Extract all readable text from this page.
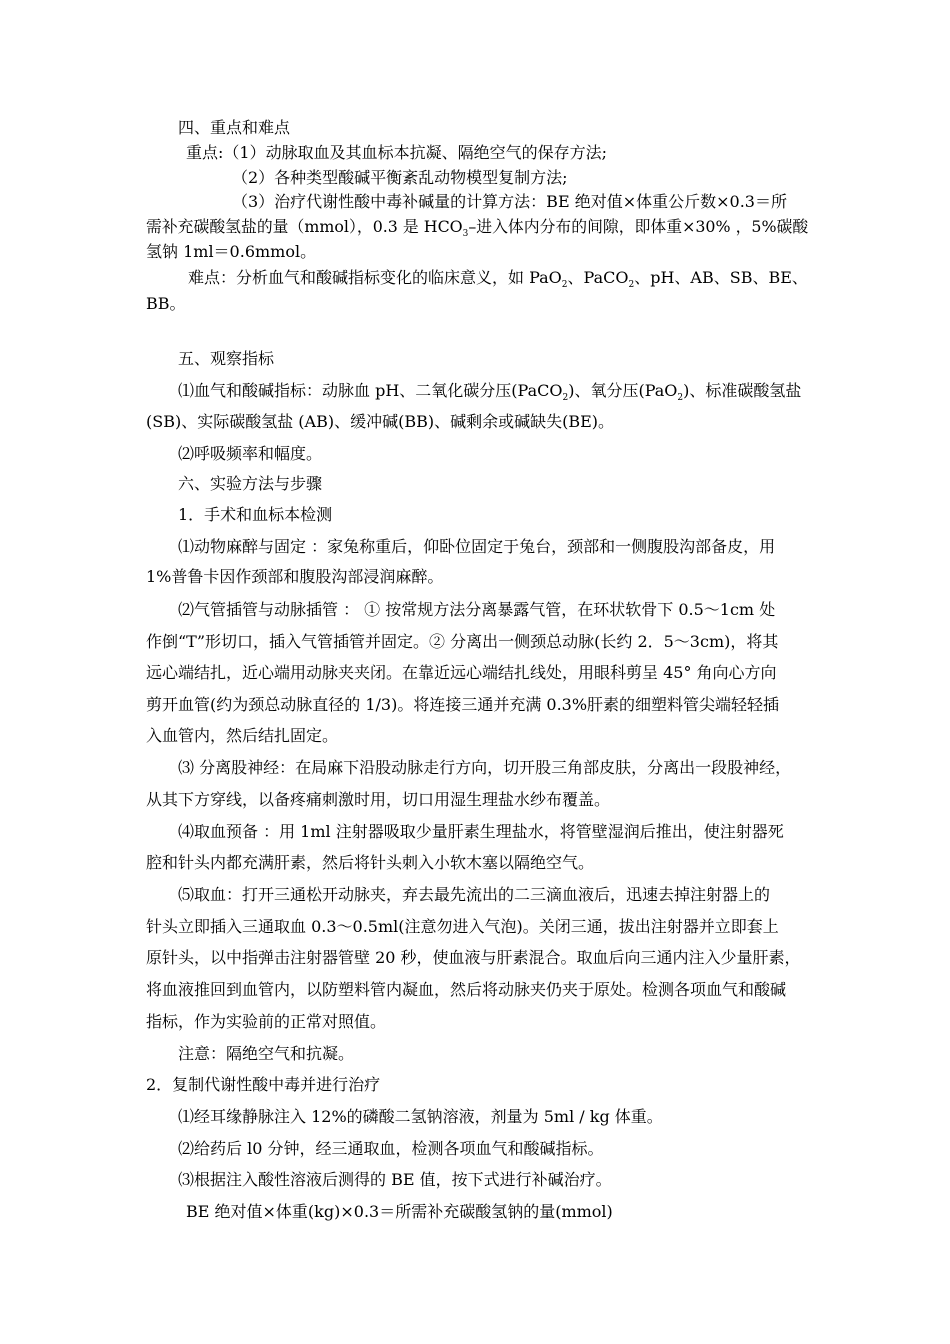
四、重点和难点
重点:（1）动脉取血及其血标本抗凝、隔绝空气的保存方法;
（2）各种类型酸碱平衡紊乱动物模型复制方法;
（3）治疗代谢性酸中毒补碱量的计算方法：BE 绝对值×体重公斤数×0.3＝所
需补充碳酸氢盐的量（mmol），0.3 是 $HCO_3-$进入体内分布的间隙，即体重×30% ，5%碳酸
氢钠 1ml＝0.6mmol。
难点：分析血气和酸碱指标变化的临床意义，如 PaO$_2$、PaCO$_2$、pH、AB、SB、BE、
BB。
五、观察指标
⑴血气和酸碱指标：动脉血 pH、二氧化碳分压(PaCO$_2$)、氧分压(PaO$_2$)、标准碳酸氢盐
(SB)、实际碳酸氢盐 (AB)、缓冲碱(BB)、碱剩余或碱缺失(BE)。
⑵呼吸频率和幅度。
六、实验方法与步骤
1．手术和血标本检测
⑴动物麻醉与固定 ：家兔称重后，仰卧位固定于兔台，颈部和一侧腹股沟部备皮，用
1%普鲁卡因作颈部和腹股沟部浸润麻醉。
⑵气管插管与动脉插管 ： ① 按常规方法分离暴露气管，在环状软骨下 0.5～1cm 处
作倒“T”形切口，插入气管插管并固定。② 分离出一侧颈总动脉(长约 2．5～3cm)，将其
远心端结扎，近心端用动脉夹夹闭。在靠近远心端结扎线处，用眼科剪呈 45° 角向心方向
剪开血管(约为颈总动脉直径的 1/3)。将连接三通并充满 0.3%肝素的细塑料管尖端轻轻插
入血管内，然后结扎固定。
⑶ 分离股神经：在局麻下沿股动脉走行方向，切开股三角部皮肤，分离出一段股神经，
从其下方穿线，以备疼痛刺激时用，切口用湿生理盐水纱布覆盖。
⑷取血预备 ：用 1ml 注射器吸取少量肝素生理盐水，将管壁湿润后推出，使注射器死
腔和针头内都充满肝素，然后将针头刺入小软木塞以隔绝空气。
⑸取血：打开三通松开动脉夹，弃去最先流出的二三滴血液后，迅速去掉注射器上的
针头立即插入三通取血 0.3～0.5ml(注意勿进入气泡)。关闭三通，拔出注射器并立即套上
原针头，以中指弹击注射器管壁 20 秒，使血液与肝素混合。取血后向三通内注入少量肝素，
将血液推回到血管内，以防塑料管内凝血，然后将动脉夹仍夹于原处。检测各项血气和酸碱
指标，作为实验前的正常对照值。
注意：隔绝空气和抗凝。
2．复制代谢性酸中毒并进行治疗
⑴经耳缘静脉注入 12%的磷酸二氢钠溶液，剂量为 5ml / kg 体重。
⑵给药后 l0 分钟，经三通取血，检测各项血气和酸碱指标。
⑶根据注入酸性溶液后测得的 BE 值，按下式进行补碱治疗。
BE 绝对值×体重(kg)×0.3＝所需补充碳酸氢钠的量(mmol)
